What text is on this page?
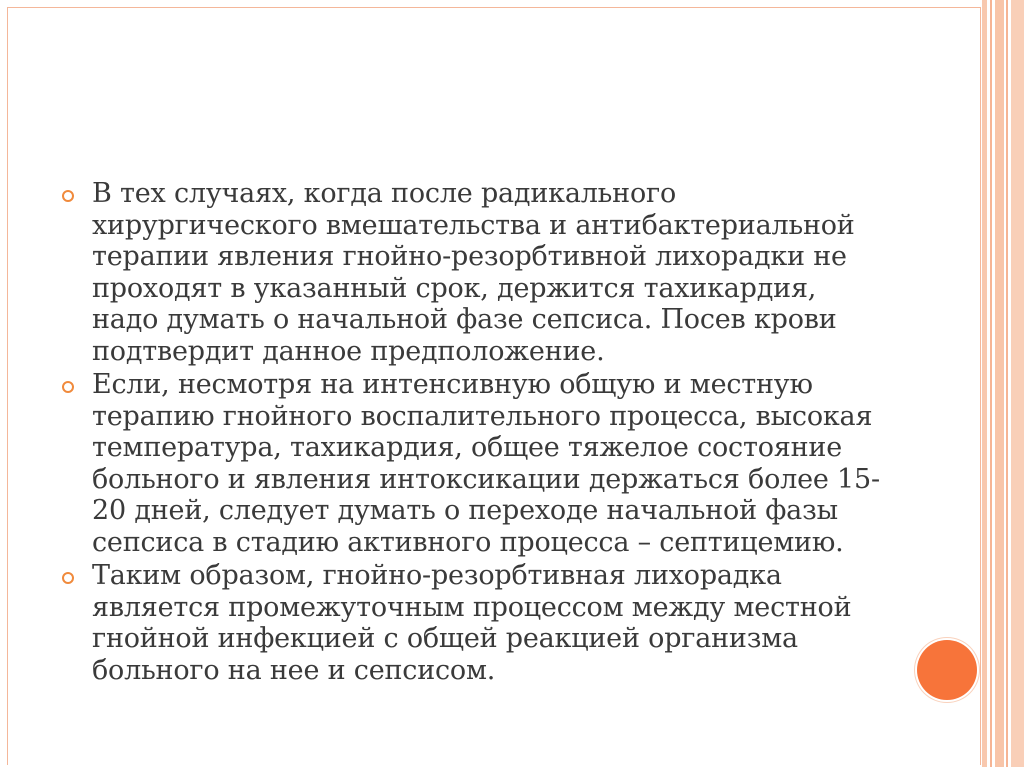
В тех случаях, когда после радикального хирургического вмешательства и антибактериальной терапии явления гнойно-резорбтивной лихорадки не проходят в указанный срок, держится тахикардия, надо думать о начальной фазе сепсиса. Посев крови подтвердит данное предположение.
Если, несмотря на интенсивную общую и местную терапию гнойного воспалительного процесса, высокая температура, тахикардия, общее тяжелое состояние больного и явления интоксикации держаться более 15-20 дней, следует думать о переходе начальной фазы сепсиса в стадию активного процесса – септицемию.
Таким образом, гнойно-резорбтивная лихорадка является промежуточным процессом между местной гнойной инфекцией с общей реакцией организма больного на нее и сепсисом.
